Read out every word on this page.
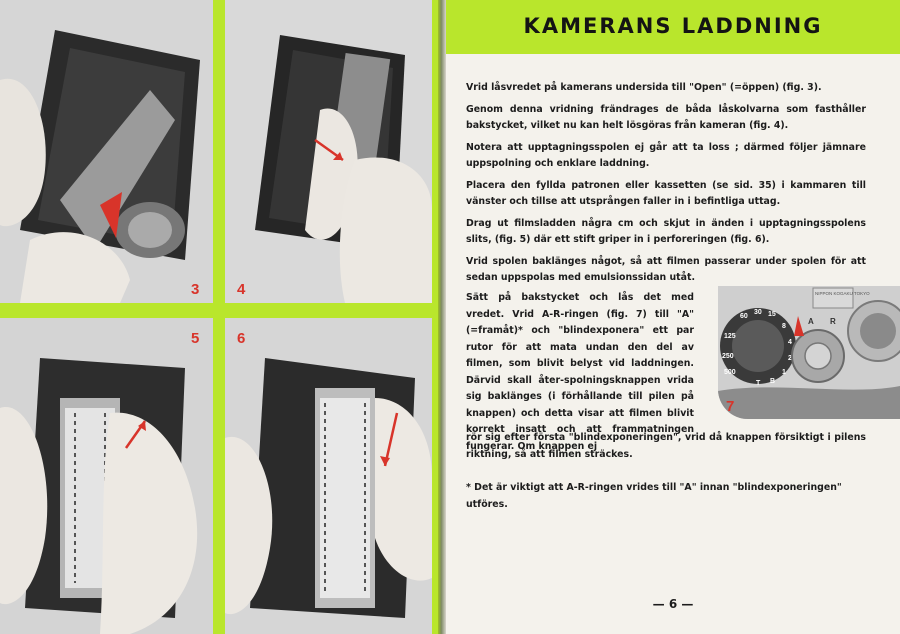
3	4
5	6
KAMERANS LADDNING

Vrid låsvredet på kamerans undersida till "Open" (=öppen) (fig. 3).

Genom denna vridning frändrages de båda låskolvarna som fasthåller bakstycket, vilket nu kan helt lösgöras från kameran (fig. 4).

Notera att upptagningsspolen ej går att ta loss ; därmed följer jämnare uppspolning och enklare laddning.

Placera den fyllda patronen eller kassetten (se sid. 35) i kammaren till vänster och tillse att utsprången faller in i befintliga uttag.

Drag ut filmsladden några cm och skjut in änden i upptagningsspolens slits, (fig. 5) där ett stift griper in i perforeringen (fig. 6).

Vrid spolen baklänges något, så att filmen passerar under spolen för att sedan uppspolas med emulsionssidan utåt.

Sätt på bakstycket och lås det med vredet. Vrid A-R-ringen (fig. 7) till "A" (=framåt)* och "blindexponera" ett par rutor för att mata undan den del av filmen, som blivit belyst vid laddningen. Därvid skall åter-spolningsknappen vrida sig baklänges (i förhållande till pilen på knappen) och detta visar att filmen blivit korrekt insatt och att frammatningen fungerar. Om knappen ej

60
30 15
8
4
2
1
B
T
500
250
125
A R
NIPPON KOGAKU TOKYO
7

rör sig efter första "blindexponeringen", vrid då knappen försiktigt i pilens riktning, så att filmen sträckes.

* Det är viktigt att A-R-ringen vrides till "A" innan "blindexponeringen" utföres.

— 6 —
